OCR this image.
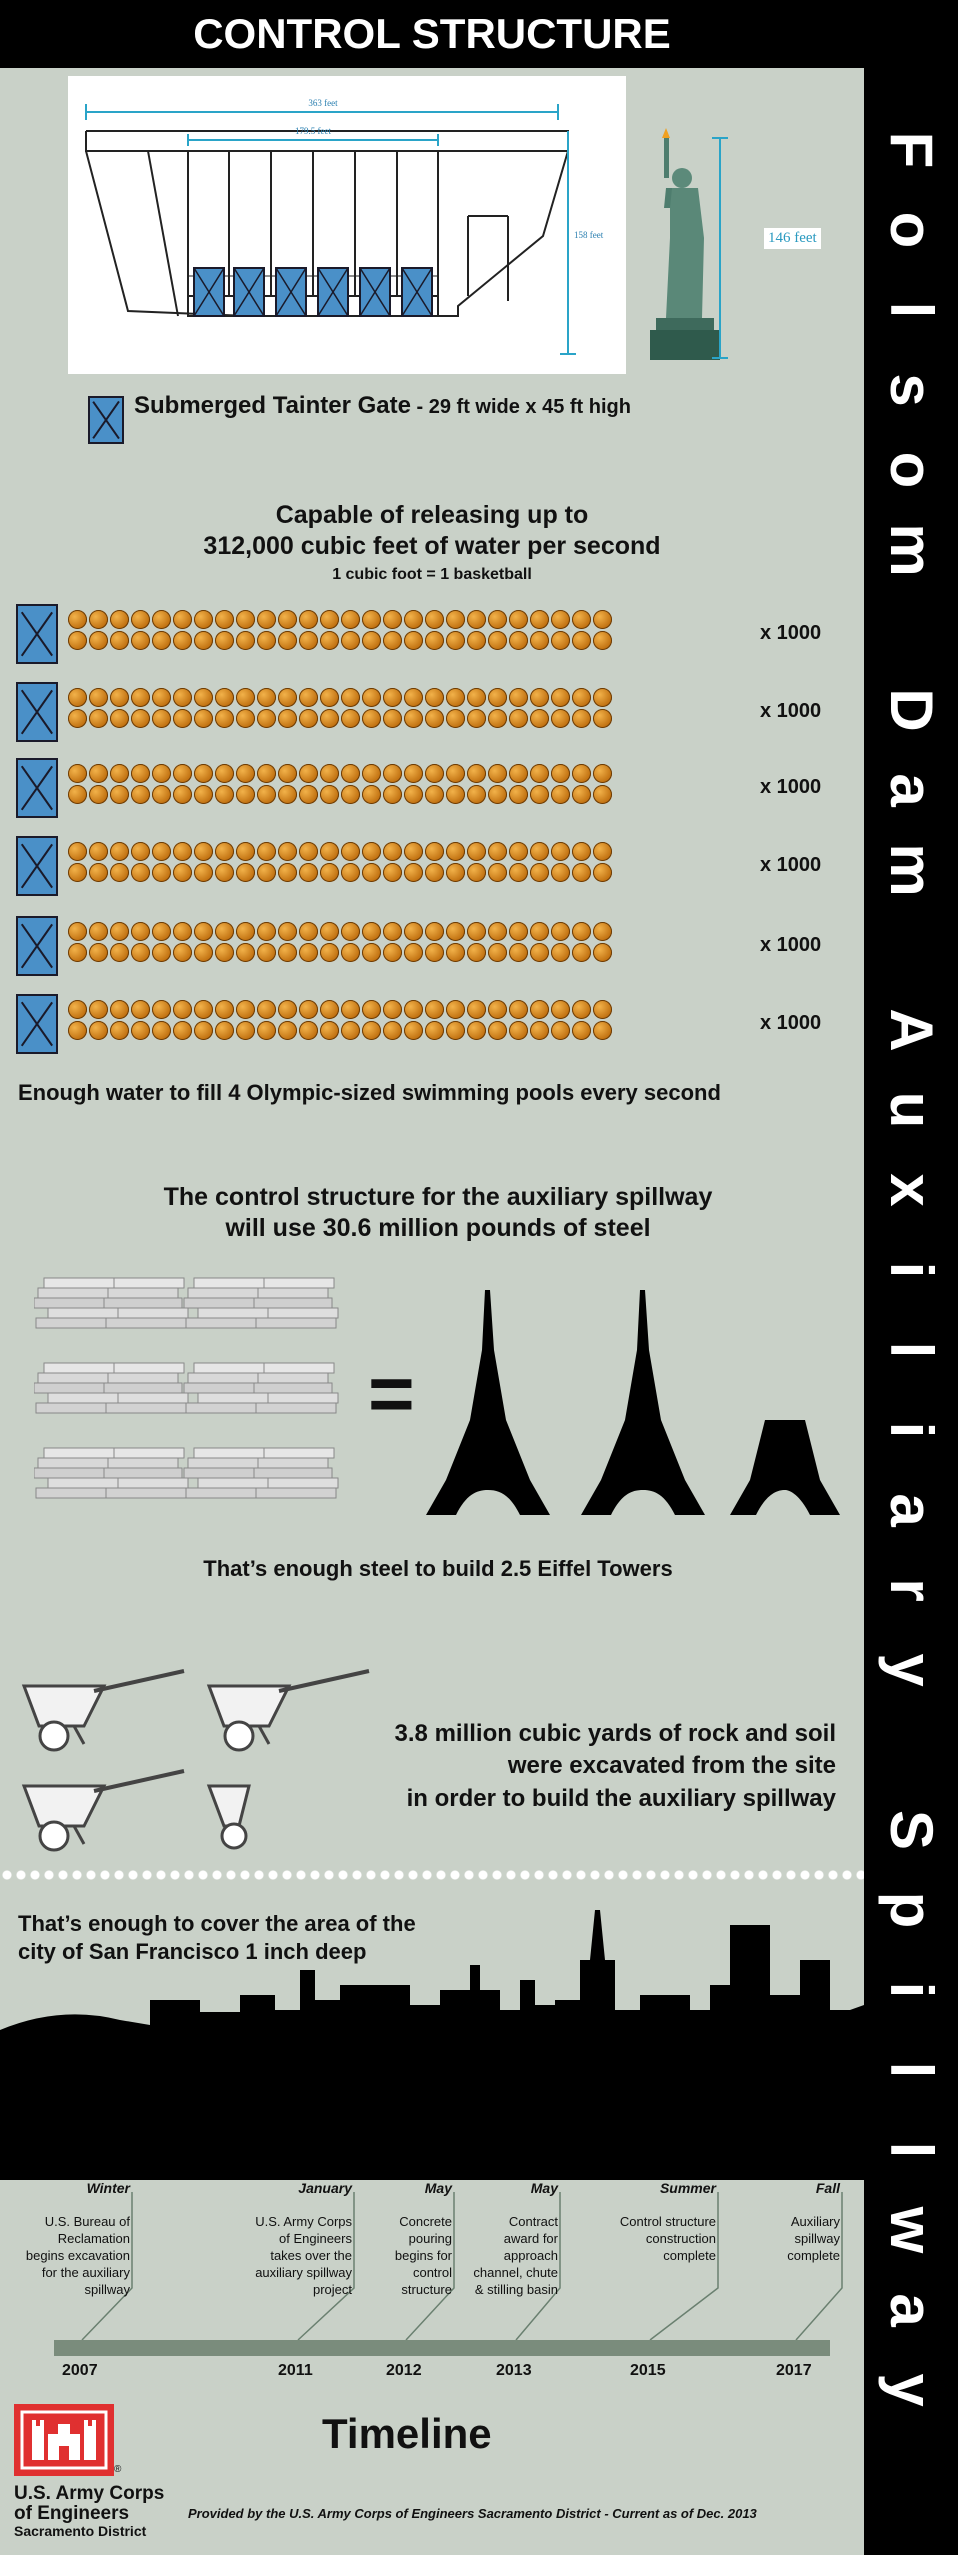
CONTROL STRUCTURE
F
o
l
s
o
m

D
a
m

A
u
x
i
l
i
a
r
y

S
p
i
l
l
w
a
y
363 feet
179.5 feet
158 feet	146 feet
Submerged Tainter Gate - 29 ft wide x 45 ft high
Capable of releasing up to
312,000 cubic feet of water per second
1 cubic foot = 1 basketball
x 1000
x 1000
x 1000
x 1000
x 1000
x 1000
Enough water to fill 4 Olympic-sized swimming pools every second
The control structure for the auxiliary spillway
will use 30.6 million pounds of steel
=
That’s enough steel to build 2.5 Eiffel Towers
3.8 million cubic yards of rock and soil
were excavated from the site
in order to build the auxiliary spillway
That’s enough to cover the area of the
city of San Francisco 1 inch deep
Winter
U.S. Bureau of Reclamation begins excavation for the auxiliary spillway
2007
January
U.S. Army Corps of Engineers takes over the auxiliary spillway project
2011
May
Concrete pouring begins for control structure
2012
May
Contract award for approach channel, chute & stilling basin
2013
Summer
Control structure construction complete
2015
Fall
Auxiliary spillway complete
2017
Timeline
®
U.S. Army Corps
of Engineers
Sacramento District
Provided by the U.S. Army Corps of Engineers Sacramento District - Current as of Dec. 2013
